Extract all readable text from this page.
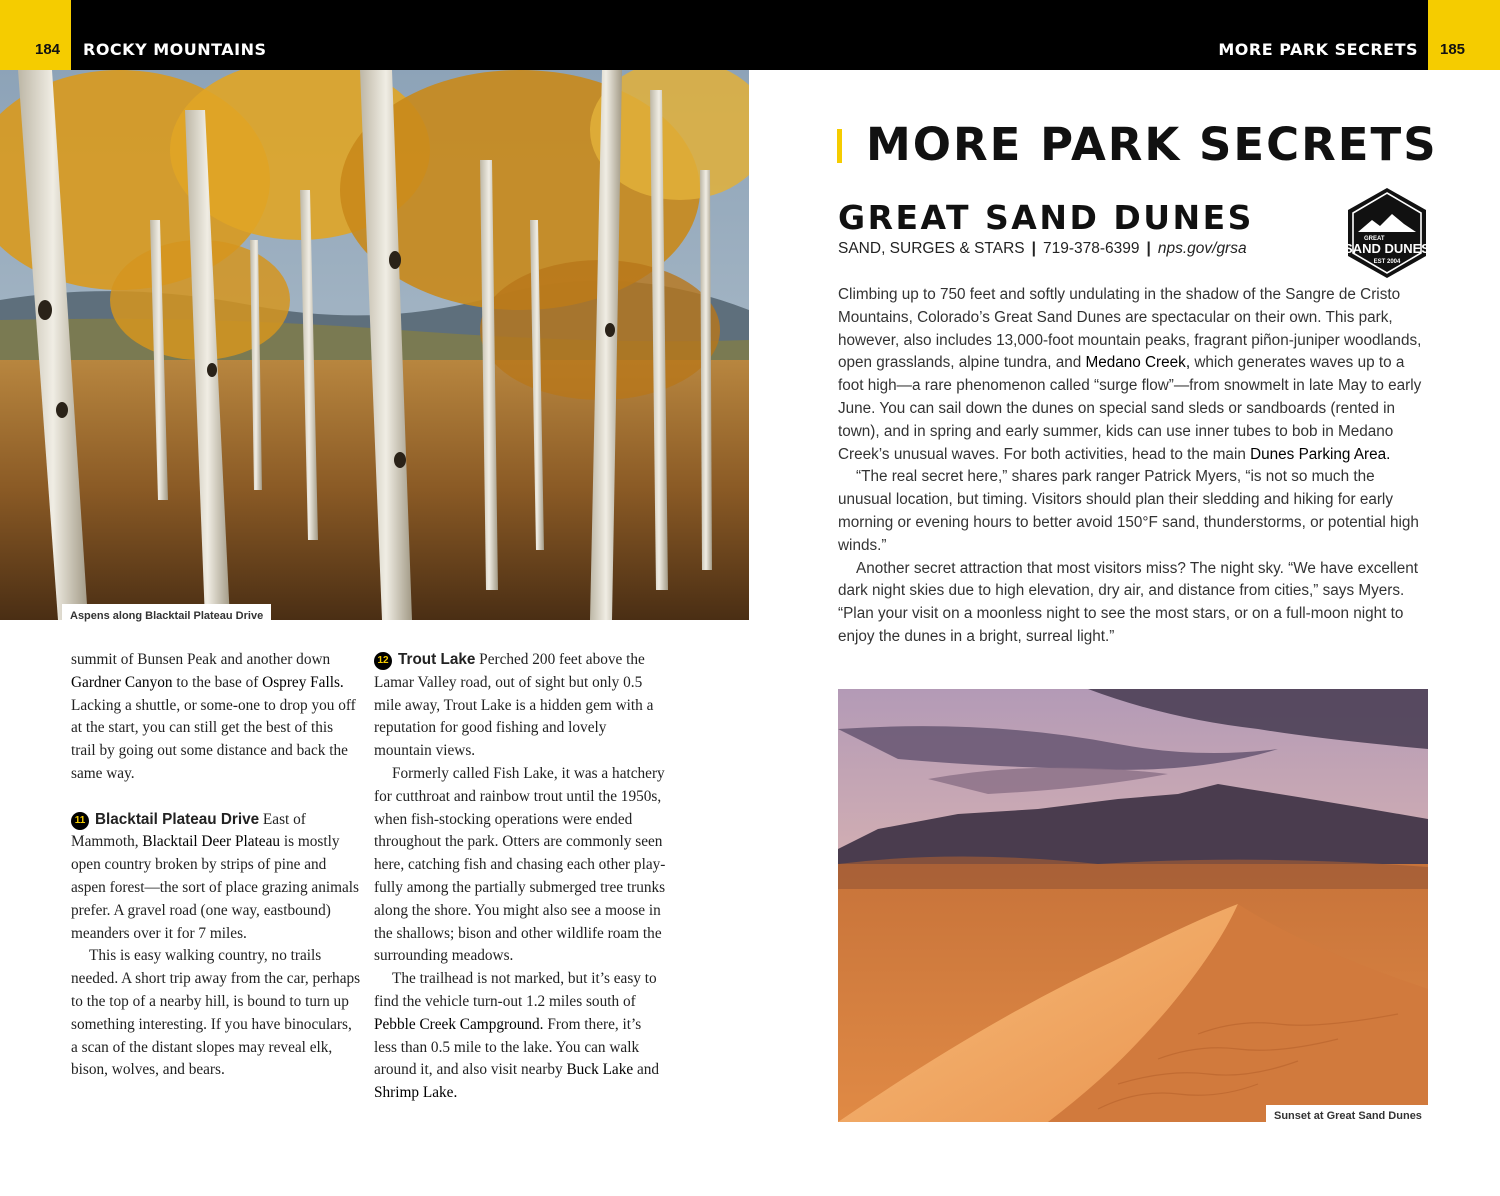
184 ROCKY MOUNTAINS	MORE PARK SECRETS 185
Aspens along Blacktail Plateau Drive

summit of Bunsen Peak and another down Gardner Canyon to the base of Osprey Falls. Lacking a shuttle, or some-one to drop you off at the start, you can still get the best of this trail by going out some distance and back the same way.

11 Blacktail Plateau Drive East of Mammoth, Blacktail Deer Plateau is mostly open country broken by strips of pine and aspen forest—the sort of place grazing animals prefer. A gravel road (one way, eastbound) meanders over it for 7 miles.

This is easy walking country, no trails needed. A short trip away from the car, perhaps to the top of a nearby hill, is bound to turn up something interesting. If you have binoculars, a scan of the distant slopes may reveal elk, bison, wolves, and bears.

12 Trout Lake Perched 200 feet above the Lamar Valley road, out of sight but only 0.5 mile away, Trout Lake is a hidden gem with a reputation for good fishing and lovely mountain views.

Formerly called Fish Lake, it was a hatchery for cutthroat and rainbow trout until the 1950s, when fish-stocking operations were ended throughout the park. Otters are commonly seen here, catching fish and chasing each other play-fully among the partially submerged tree trunks along the shore. You might also see a moose in the shallows; bison and other wildlife roam the surrounding meadows.

The trailhead is not marked, but it’s easy to find the vehicle turn-out 1.2 miles south of Pebble Creek Campground. From there, it’s less than 0.5 mile to the lake. You can walk around it, and also visit nearby Buck Lake and Shrimp Lake.

MORE PARK SECRETS
GREAT SAND DUNES
SAND, SURGES & STARS | 719-378-6399 | nps.gov/grsa
GREAT
SAND DUNES
EST 2004

Climbing up to 750 feet and softly undulating in the shadow of the Sangre de Cristo Mountains, Colorado’s Great Sand Dunes are spectacular on their own. This park, however, also includes 13,000-foot mountain peaks, fragrant piñon-juniper woodlands, open grasslands, alpine tundra, and Medano Creek, which generates waves up to a foot high—a rare phenomenon called “surge flow”—from snowmelt in late May to early June. You can sail down the dunes on special sand sleds or sandboards (rented in town), and in spring and early summer, kids can use inner tubes to bob in Medano Creek’s unusual waves. For both activities, head to the main Dunes Parking Area.

“The real secret here,” shares park ranger Patrick Myers, “is not so much the unusual location, but timing. Visitors should plan their sledding and hiking for early morning or evening hours to better avoid 150°F sand, thunderstorms, or potential high winds.”

Another secret attraction that most visitors miss? The night sky. “We have excellent dark night skies due to high elevation, dry air, and distance from cities,” says Myers. “Plan your visit on a moonless night to see the most stars, or on a full-moon night to enjoy the dunes in a bright, surreal light.”

Sunset at Great Sand Dunes
